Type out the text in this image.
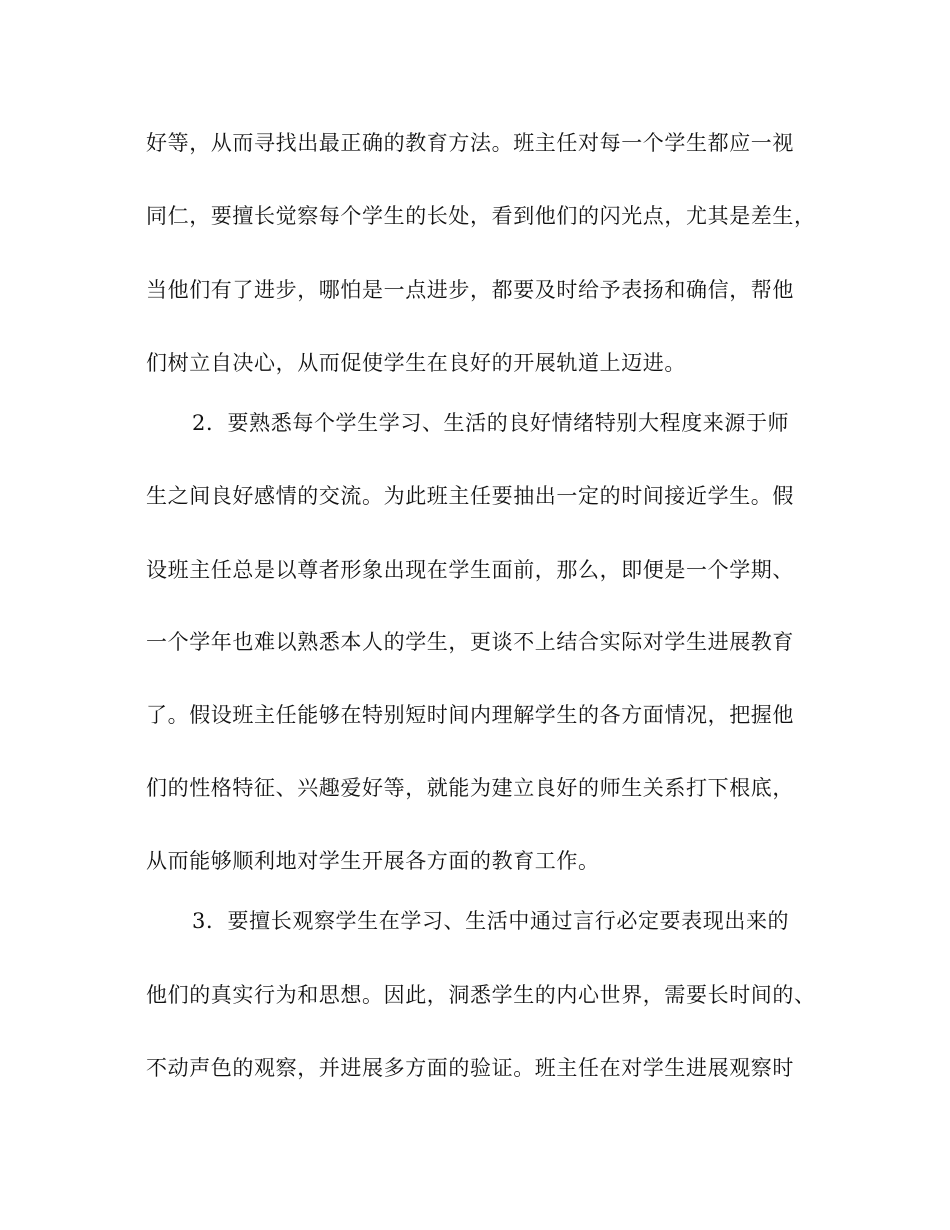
好等，从而寻找出最正确的教育方法。班主任对每一个学生都应一视
同仁，要擅长觉察每个学生的长处，看到他们的闪光点，尤其是差生，
当他们有了进步，哪怕是一点进步，都要及时给予表扬和确信，帮他
们树立自决心，从而促使学生在良好的开展轨道上迈进。
2．要熟悉每个学生学习、生活的良好情绪特别大程度来源于师
生之间良好感情的交流。为此班主任要抽出一定的时间接近学生。假
设班主任总是以尊者形象出现在学生面前，那么，即便是一个学期、
一个学年也难以熟悉本人的学生，更谈不上结合实际对学生进展教育
了。假设班主任能够在特别短时间内理解学生的各方面情况，把握他
们的性格特征、兴趣爱好等，就能为建立良好的师生关系打下根底，
从而能够顺利地对学生开展各方面的教育工作。
3．要擅长观察学生在学习、生活中通过言行必定要表现出来的
他们的真实行为和思想。因此，洞悉学生的内心世界，需要长时间的、
不动声色的观察，并进展多方面的验证。班主任在对学生进展观察时
